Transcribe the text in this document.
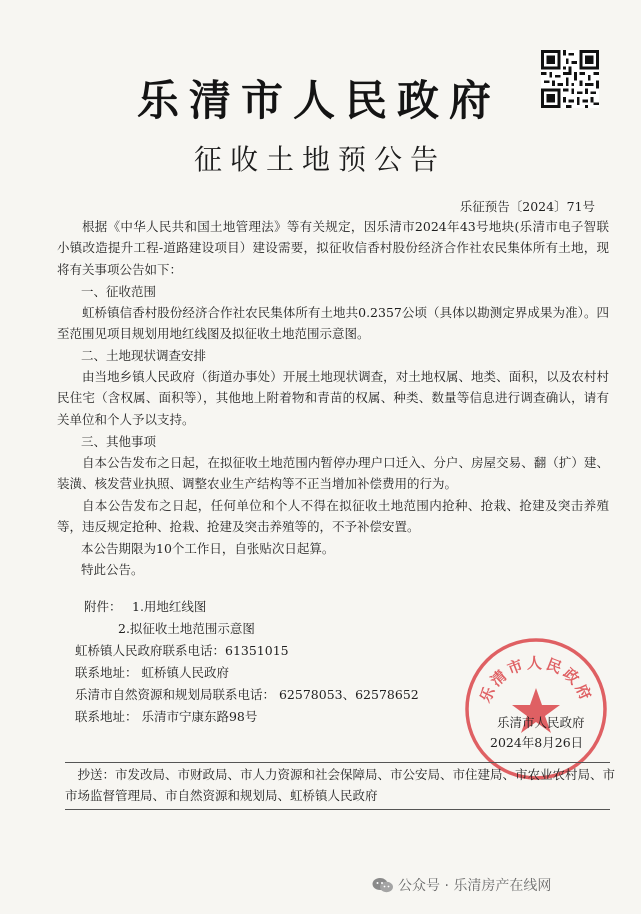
乐清市人民政府
征收土地预公告
乐征预告〔2024〕71号
根据《中华人民共和国土地管理法》等有关规定，因乐清市2024年43号地块(乐清市电子智联小镇改造提升工程-道路建设项目）建设需要，拟征收信香村股份经济合作社农民集体所有土地，现将有关事项公告如下：
一、征收范围
虹桥镇信香村股份经济合作社农民集体所有土地共0.2357公顷（具体以勘测定界成果为准）。四至范围见项目规划用地红线图及拟征收土地范围示意图。
二、土地现状调查安排
由当地乡镇人民政府（街道办事处）开展土地现状调查，对土地权属、地类、面积，以及农村村民住宅（含权属、面积等），其他地上附着物和青苗的权属、种类、数量等信息进行调查确认，请有关单位和个人予以支持。
三、其他事项
自本公告发布之日起，在拟征收土地范围内暂停办理户口迁入、分户、房屋交易、翻（扩）建、装潢、核发营业执照、调整农业生产结构等不正当增加补偿费用的行为。
自本公告发布之日起，任何单位和个人不得在拟征收土地范围内抢种、抢栽、抢建及突击养殖等，违反规定抢种、抢栽、抢建及突击养殖等的，不予补偿安置。
本公告期限为10个工作日，自张贴次日起算。
特此公告。
附件： 1.用地红线图
2.拟征收土地范围示意图
虹桥镇人民政府联系电话：61351015
联系地址： 虹桥镇人民政府
乐清市自然资源和规划局联系电话： 62578053、62578652
联系地址： 乐清市宁康东路98号
乐清市人民政府
乐清市人民政府
2024年8月26日
抄送：市发改局、市财政局、市人力资源和社会保障局、市公安局、市住建局、市农业农村局、市市场监督管理局、市自然资源和规划局、虹桥镇人民政府
公众号 · 乐清房产在线网
